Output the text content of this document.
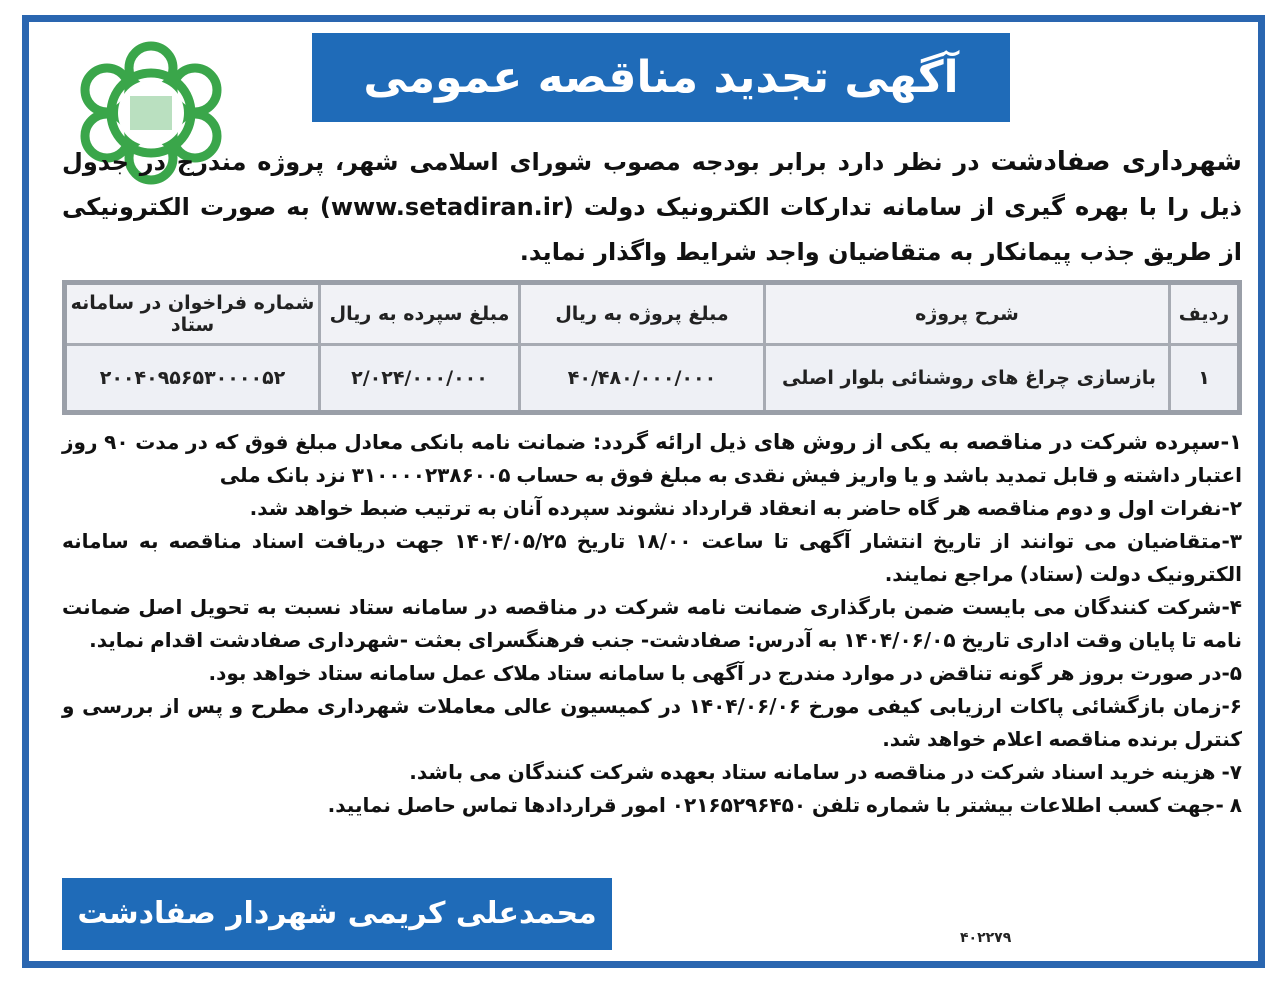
آگهی تجدید مناقصه عمومی
شهرداری صفادشت در نظر دارد برابر بودجه مصوب شورای اسلامی شهر، پروژه مندرج در جدول ذیل را با بهره گیری از سامانه تدارکات الکترونیک دولت (www.setadiran.ir) به صورت الکترونیکی از طریق جذب پیمانکار به متقاضیان واجد شرایط واگذار نماید.
ردیف	شرح پروژه	مبلغ پروژه به ریال	مبلغ سپرده به ریال	شماره فراخوان در سامانه ستاد
۱	بازسازی چراغ های روشنائی بلوار اصلی	۴۰/۴۸۰/۰۰۰/۰۰۰	۲/۰۲۴/۰۰۰/۰۰۰	۲۰۰۴۰۹۵۶۵۳۰۰۰۰۵۲

۱-سپرده شرکت در مناقصه به یکی از روش های ذیل ارائه گردد: ضمانت نامه بانکی معادل مبلغ فوق که در مدت ۹۰ روز اعتبار داشته و قابل تمدید باشد و یا واریز فیش نقدی به مبلغ فوق به حساب ۳۱۰۰۰۰۲۳۸۶۰۰۵ نزد بانک ملی

۲-نفرات اول و دوم مناقصه هر گاه حاضر به انعقاد قرارداد نشوند سپرده آنان به ترتیب ضبط خواهد شد.

۳-متقاضیان می توانند از تاریخ انتشار آگهی تا ساعت ۱۸/۰۰ تاریخ ۱۴۰۴/۰۵/۲۵ جهت دریافت اسناد مناقصه به سامانه الکترونیک دولت (ستاد) مراجع نمایند.

۴-شرکت کنندگان می بایست ضمن بارگذاری ضمانت نامه شرکت در مناقصه در سامانه ستاد نسبت به تحویل اصل ضمانت نامه تا پایان وقت اداری تاریخ ۱۴۰۴/۰۶/۰۵ به آدرس: صفادشت- جنب فرهنگسرای بعثت -شهرداری صفادشت اقدام نماید.

۵-در صورت بروز هر گونه تناقض در موارد مندرج در آگهی با سامانه ستاد ملاک عمل سامانه ستاد خواهد بود.

۶-زمان بازگشائی پاکات ارزیابی کیفی مورخ ۱۴۰۴/۰۶/۰۶ در کمیسیون عالی معاملات شهرداری مطرح و پس از بررسی و کنترل برنده مناقصه اعلام خواهد شد.

۷- هزینه خرید اسناد شرکت در مناقصه در سامانه ستاد بعهده شرکت کنندگان می باشد.

۸ -جهت کسب اطلاعات بیشتر با شماره تلفن ۰۲۱۶۵۲۹۶۴۵۰ امور قراردادها تماس حاصل نمایید.

محمدعلی کریمی شهردار صفادشت
۴۰۲۲۷۹
